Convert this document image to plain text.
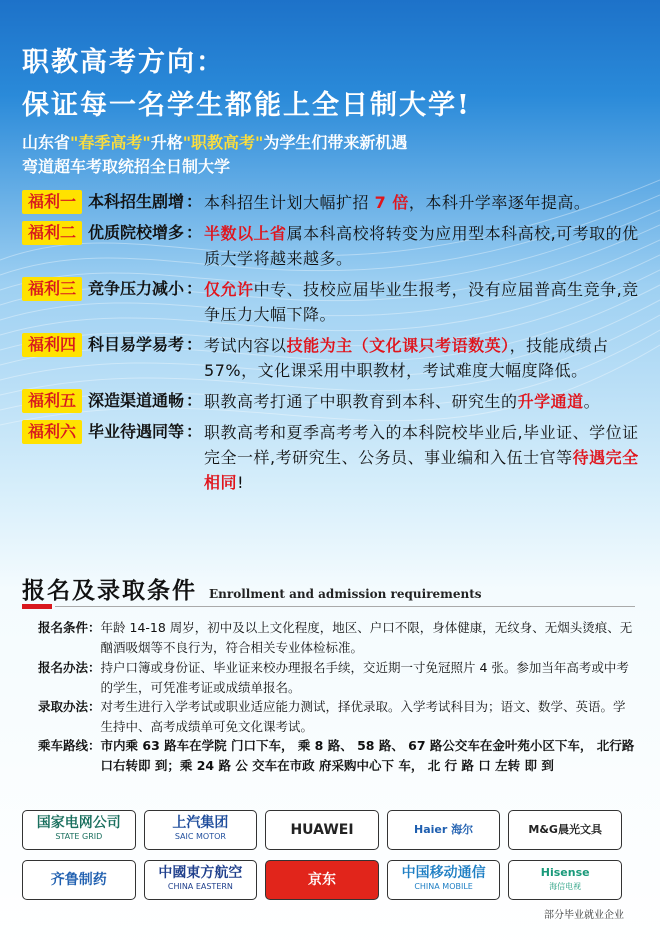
职教高考方向：
保证每一名学生都能上全日制大学!
山东省"春季高考"升格"职教高考"为学生们带来新机遇
弯道超车考取统招全日制大学
福利一 本科招生剧增 ： 本科招生计划大幅扩招 7 倍，本科升学率逐年提高。
福利二 优质院校增多 ： 半数以上省属本科高校将转变为应用型本科高校,可考取的优质大学将越来越多。
福利三 竞争压力减小 ： 仅允许中专、技校应届毕业生报考，没有应届普高生竞争,竞争压力大幅下降。
福利四 科目易学易考 ： 考试内容以技能为主（文化课只考语数英），技能成绩占 57%，文化课采用中职教材，考试难度大幅度降低。
福利五 深造渠道通畅 ： 职教高考打通了中职教育到本科、研究生的升学通道。
福利六 毕业待遇同等 ： 职教高考和夏季高考考入的本科院校毕业后,毕业证、学位证完全一样,考研究生、公务员、事业编和入伍士官等待遇完全相同!
报名及录取条件 Enrollment and admission requirements
报名条件： 年龄 14-18 周岁，初中及以上文化程度，地区、户口不限，身体健康，无纹身、无烟头烫痕、无酗酒吸烟等不良行为，符合相关专业体检标准。
报名办法： 持户口簿或身份证、毕业证来校办理报名手续，交近期一寸免冠照片 4 张。参加当年高考或中考的学生，可凭准考证或成绩单报名。
录取办法： 对考生进行入学考试或职业适应能力测试，择优录取。入学考试科目为；语文、数学、英语。学生持中、高考成绩单可免文化课考试。
乘车路线： 市内乘 63 路车在学院 门口下车， 乘 8 路、 58 路、 67 路公交车在金叶苑小区下车， 北行路 口右转即 到；乘 24 路 公 交车在市政 府采购中心下 车， 北 行 路 口 左转 即 到
国家电网公司
STATE GRID
上汽集团
SAIC MOTOR	HUAWEI	Haier 海尔	M&G晨光文具
齐鲁制药	中國東方航空
CHINA EASTERN	京东	中国移动通信
CHINA MOBILE
Hisense
海信电视
部分毕业就业企业
